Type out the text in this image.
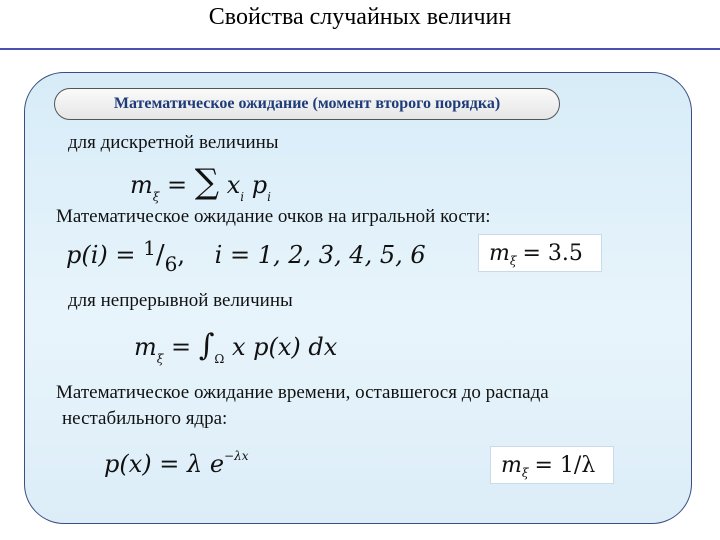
Свойства случайных величин
Математическое ожидание (момент второго порядка)
для дискретной величины
$m_\xi$ = ∑ $x_i$ $p_i$
Математическое ожидание очков на игральной кости:
$p(i) = ^1/_6$, i = 1, 2, 3, 4, 5, 6	m ξ = 3.5
для непрерывной величины
$m_\xi = \int_\Omega$ x p(x) dx
Математическое ожидание времени, оставшегося до распада
нестабильного ядра:
p(x) = λ $e^{-\lambda x}$	m ξ = 1/λ
